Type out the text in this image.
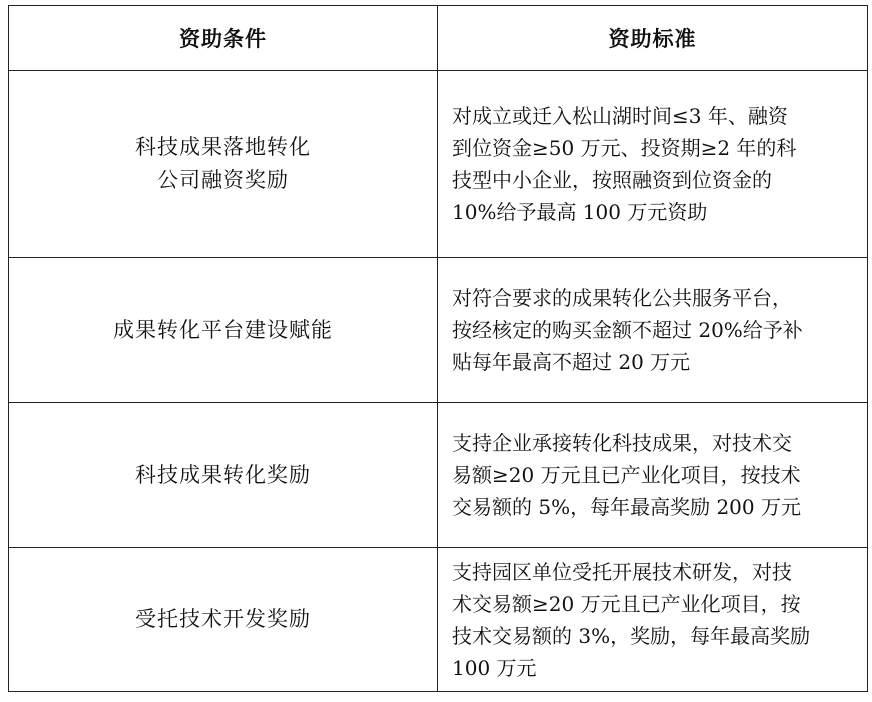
资助条件	资助标准

科技成果落地转化
公司融资奖励	对成立或迁入松山湖时间≤3 年、融资
到位资金≥50 万元、投资期≥2 年的科
技型中小企业，按照融资到位资金的
10%给予最高 100 万元资助

成果转化平台建设赋能	对符合要求的成果转化公共服务平台，
按经核定的购买金额不超过 20%给予补
贴每年最高不超过 20 万元

科技成果转化奖励	支持企业承接转化科技成果，对技术交
易额≥20 万元且已产业化项目，按技术
交易额的 5%，每年最高奖励 200 万元

受托技术开发奖励	支持园区单位受托开展技术研发，对技
术交易额≥20 万元且已产业化项目，按
技术交易额的 3%，奖励，每年最高奖励
100 万元
